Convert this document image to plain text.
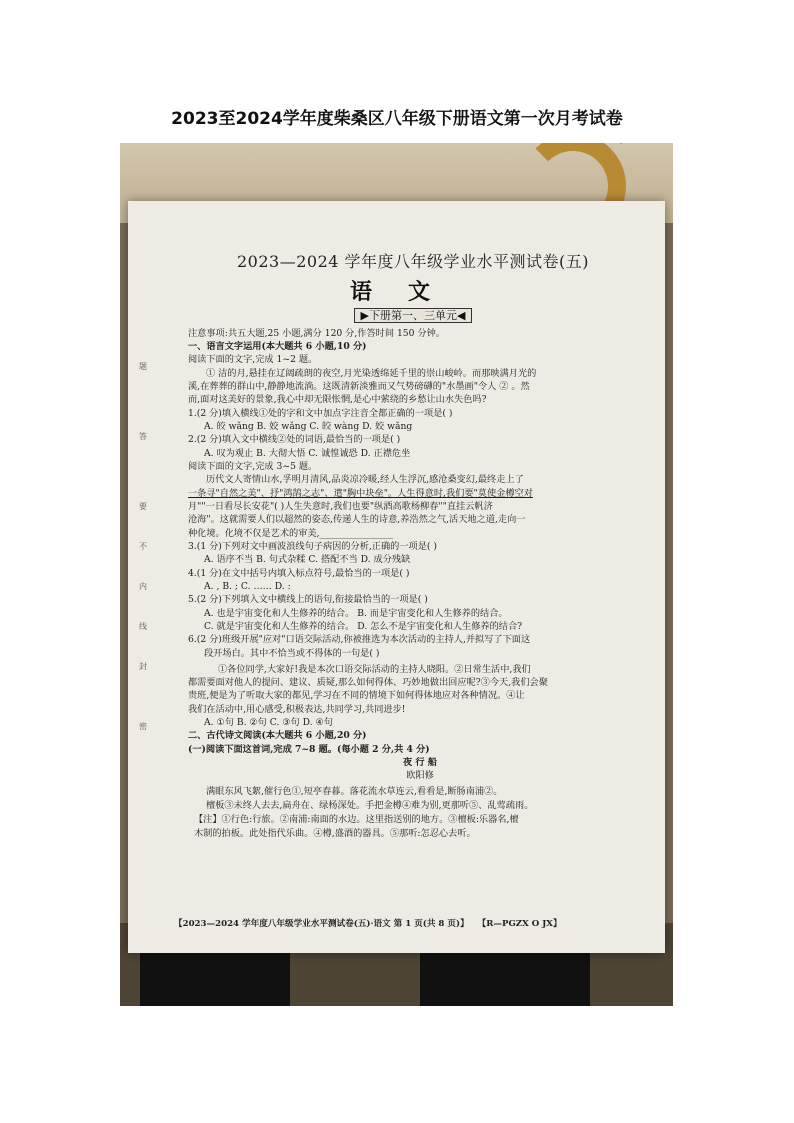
2023至2024学年度柴桑区八年级下册语文第一次月考试卷
题
答
要
不
内
线
封
密
2023—2024 学年度八年级学业水平测试卷(五)
语文
▶下册第一、三单元◀
注意事项:共五大题,25 小题,满分 120 分,作答时间 150 分钟。
一、语言文字运用(本大题共 6 小题,10 分)
阅读下面的文字,完成 1~2 题。
① 洁的月,悬挂在辽阔疏朗的夜空,月光染透绵延千里的崇山峻岭。而那映满月光的
溪,在葬葬的群山中,静静地流淌。这既清新淡雅而又气势磅礴的"水墨画"令人 ② 。然
而,面对这美好的景象,我心中却无限怅惘,是心中萦绕的乡愁让山水失色吗?
1.(2 分)填入横线①处的字和文中加点字注音全都正确的一项是( )
A. 皎 wǎng B. 姣 wǎng C. 皎 wàng D. 姣 wǎng
2.(2 分)填入文中横线②处的词语,最恰当的一项是( )
A. 叹为观止 B. 大彻大悟 C. 诚惶诚恐 D. 正襟危坐
阅读下面的文字,完成 3~5 题。
历代文人寄情山水,孚明月清风,品炎凉冷暖,经人生浮沉,感沧桑变幻,最终走上了
一条寻"自然之美"、抒"鸿鹄之志"、遣"胸中块垒"。人生得意时,我们要"莫使金樽空对
月""一日看尽长安花"( )人生失意时,我们也要"纵酒高歌杨柳春""直挂云帆济
沧海"。这就需要人们以超然的姿态,传递人生的诗意,养浩然之气,活天地之道,走向一
种化境。化境不仅是艺术的审美,________________
3.(1 分)下列对文中画波浪线句子病因的分析,正确的一项是( )
A. 语序不当 B. 句式杂糅 C. 搭配不当 D. 成分残缺
4.(1 分)在文中括号内填入标点符号,最恰当的一项是( )
A. , B. ; C. …… D. :
5.(2 分)下列填入文中横线上的语句,衔接最恰当的一项是( )
A. 也是宇宙变化和人生修养的结合。 B. 而是宇宙变化和人生修养的结合。
C. 就是宇宙变化和人生修养的结合。 D. 怎么不是宇宙变化和人生修养的结合?
6.(2 分)班级开展"应对"口语交际活动,你被推选为本次活动的主持人,并拟写了下面这
段开场白。其中不恰当或不得体的一句是( )
①各位同学,大家好!我是本次口语交际活动的主持人晓阳。②日常生活中,我们
都需要面对他人的提问、建议、质疑,那么如何得体、巧妙地做出回应呢?③今天,我们会聚
贵班,便是为了听取大家的都见,学习在不同的情境下如何得体地应对各种情况。④让
我们在活动中,用心感受,积极表达,共同学习,共同进步!
A. ①句 B. ②句 C. ③句 D. ④句
二、古代诗文阅读(本大题共 6 小题,20 分)
(一)阅读下面这首词,完成 7~8 题。(每小题 2 分,共 4 分)
夜 行 船
欧阳修
满眼东风飞絮,催行色①,短亭春暮。落花流水草连云,看看是,断肠南浦②。
檀板③未终人去去,扁舟在、绿杨深处。手把金樽④难为别,更那听⑤、乱莺疏雨。
【注】①行色:行旅。②南浦:南面的水边。这里指送别的地方。③檀板:乐器名,檀
木制的拍板。此处指代乐曲。④樽,盛酒的器具。⑤那听:怎忍心去听。
【2023—2024 学年度八年级学业水平测试卷(五)·语文 第 1 页(共 8 页)】 【R—PGZX O JX】
